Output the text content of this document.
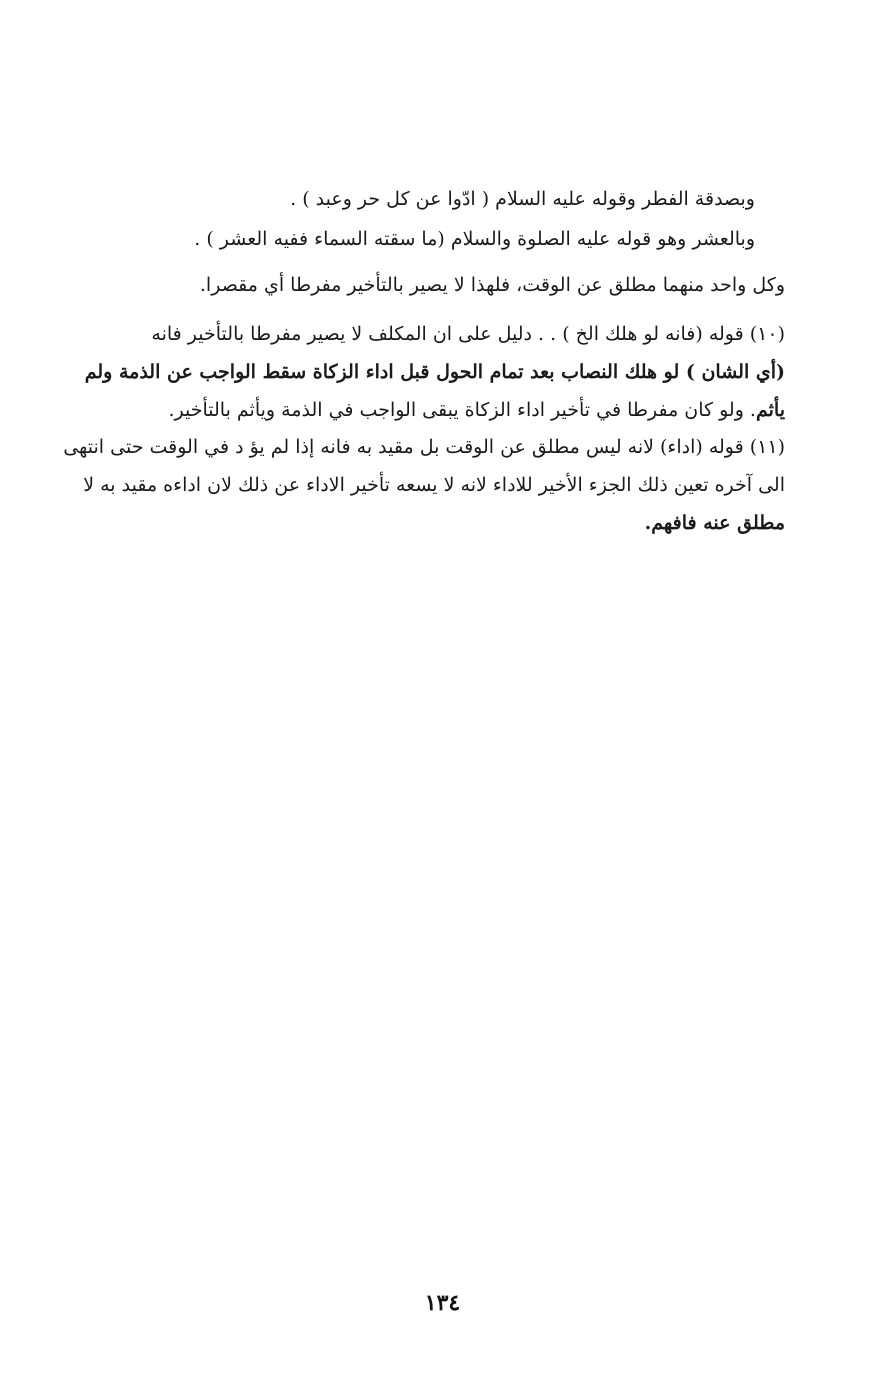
وبصدقة الفطر وقوله عليه السلام ( ادّوا عن كل حر وعبد ) .
وبالعشر وهو قوله عليه الصلوة والسلام (ما سقته السماء ففيه العشر ) .
وكل واحد منهما مطلق عن الوقت، فلهذا لا يصير بالتأخير مفرطا أي مقصرا.
(١٠) قوله (فانه لو هلك الخ ) . . دليل على ان المكلف لا يصير مفرطا بالتأخير فانه
(أي الشان ) لو هلك النصاب بعد تمام الحول قبل اداء الزكاة سقط الواجب عن الذمة ولم
يأثم. ولو كان مفرطا في تأخير اداء الزكاة يبقى الواجب في الذمة ويأثم بالتأخير.
(١١) قوله (اداء) لانه ليس مطلق عن الوقت بل مقيد به فانه إذا لم يؤ د في الوقت حتى انتهى
الى آخره تعين ذلك الجزء الأخير للاداء لانه لا يسعه تأخير الاداء عن ذلك لان اداءه مقيد به لا
مطلق عنه فافهم.
١٣٤
